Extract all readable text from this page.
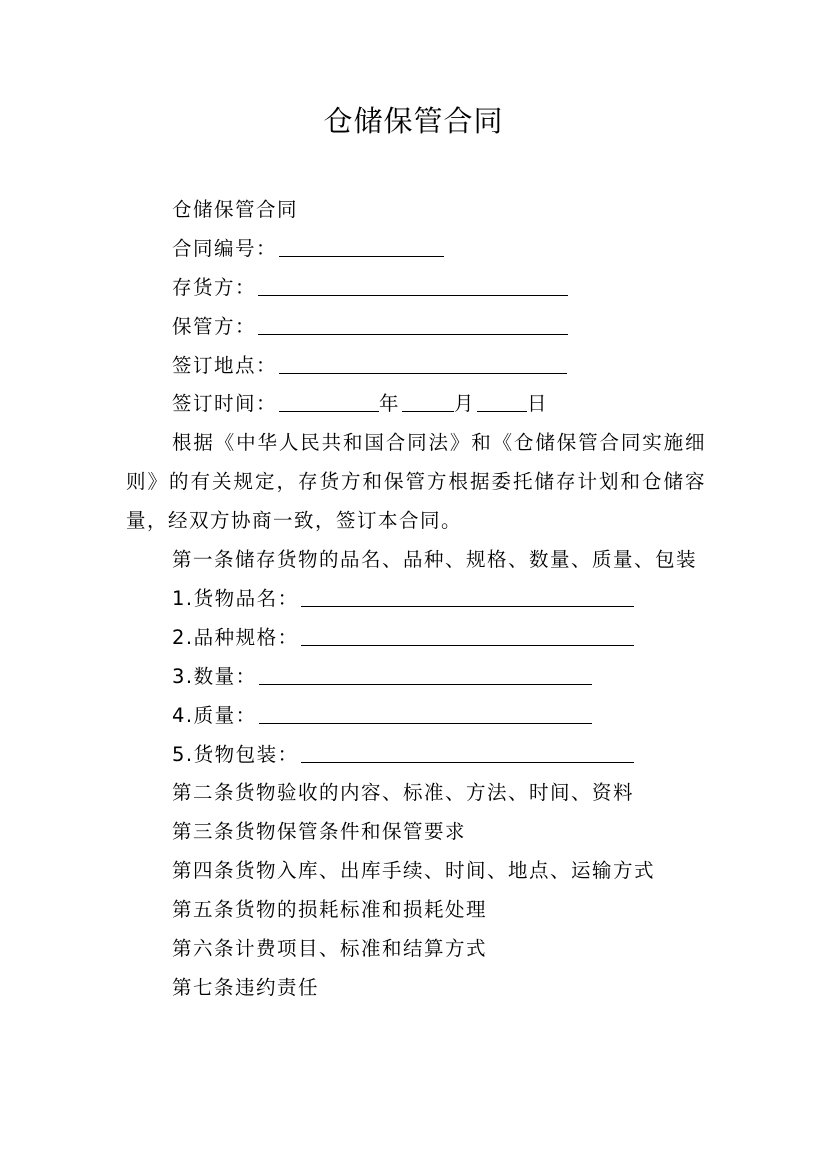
仓储保管合同
仓储保管合同
合同编号：
存货方：
保管方：
签订地点：
签订时间：	年	月	日
根据《中华人民共和国合同法》和《仓储保管合同实施细则》的有关规定，存货方和保管方根据委托储存计划和仓储容量，经双方协商一致，签订本合同。
第一条储存货物的品名、品种、规格、数量、质量、包装
1.货物品名：
2.品种规格：
3.数量：
4.质量：
5.货物包装：
第二条货物验收的内容、标准、方法、时间、资料
第三条货物保管条件和保管要求
第四条货物入库、出库手续、时间、地点、运输方式
第五条货物的损耗标准和损耗处理
第六条计费项目、标准和结算方式
第七条违约责任
